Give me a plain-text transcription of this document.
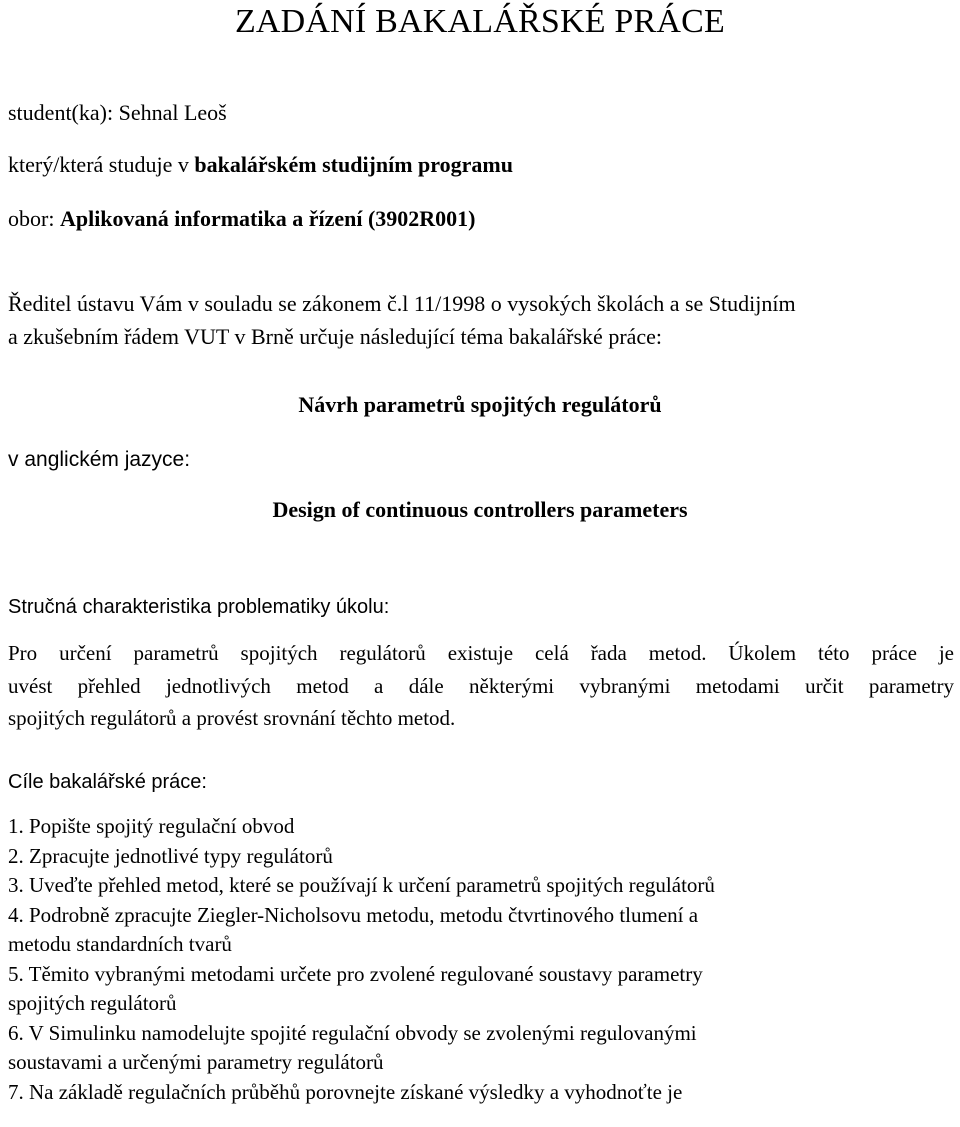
ZADÁNÍ BAKALÁŘSKÉ PRÁCE
student(ka): Sehnal Leoš
který/která studuje v bakalářském studijním programu
obor: Aplikovaná informatika a řízení (3902R001)
Ředitel ústavu Vám v souladu se zákonem č.l 11/1998 o vysokých školách a se Studijním
a zkušebním řádem VUT v Brně určuje následující téma bakalářské práce:
Návrh parametrů spojitých regulátorů
v anglickém jazyce:
Design of continuous controllers parameters
Stručná charakteristika problematiky úkolu:
Pro určení parametrů spojitých regulátorů existuje celá řada metod. Úkolem této práce je
uvést přehled jednotlivých metod a dále některými vybranými metodami určit parametry
spojitých regulátorů a provést srovnání těchto metod.
Cíle bakalářské práce:
1. Popište spojitý regulační obvod
2. Zpracujte jednotlivé typy regulátorů
3. Uveďte přehled metod, které se používají k určení parametrů spojitých regulátorů
4. Podrobně zpracujte Ziegler-Nicholsovu metodu, metodu čtvrtinového tlumení a
metodu standardních tvarů
5. Těmito vybranými metodami určete pro zvolené regulované soustavy parametry
spojitých regulátorů
6. V Simulinku namodelujte spojité regulační obvody se zvolenými regulovanými
soustavami a určenými parametry regulátorů
7. Na základě regulačních průběhů porovnejte získané výsledky a vyhodnoťte je
